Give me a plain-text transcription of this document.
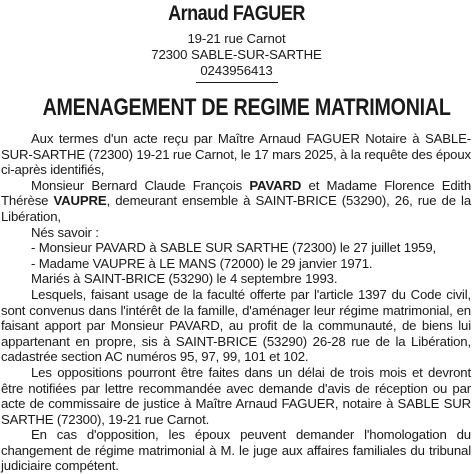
Arnaud FAGUER
19-21 rue Carnot
72300 SABLE-SUR-SARTHE
0243956413
AMENAGEMENT DE REGIME MATRIMONIAL

Aux termes d'un acte reçu par Maître Arnaud FAGUER Notaire à SABLE-SUR-SARTHE (72300) 19-21 rue Carnot, le 17 mars 2025, à la requête des époux ci-après identifiés,

Monsieur Bernard Claude François PAVARD et Madame Florence Edith Thérèse VAUPRE, demeurant ensemble à SAINT-BRICE (53290), 26, rue de la Libération,

Nés savoir :

- Monsieur PAVARD à SABLE SUR SARTHE (72300) le 27 juillet 1959,

- Madame VAUPRE à LE MANS (72000) le 29 janvier 1971.

Mariés à SAINT-BRICE (53290) le 4 septembre 1993.

Lesquels, faisant usage de la faculté offerte par l'article 1397 du Code civil, sont convenus dans l'intérêt de la famille, d'aménager leur régime matrimonial, en faisant apport par Monsieur PAVARD, au profit de la communauté, de biens lui appartenant en propre, sis à SAINT-BRICE (53290) 26-28 rue de la Libération, cadastrée section AC numéros 95, 97, 99, 101 et 102.

Les oppositions pourront être faites dans un délai de trois mois et devront être notifiées par lettre recommandée avec demande d'avis de réception ou par acte de commissaire de justice à Maître Arnaud FAGUER, notaire à SABLE SUR SARTHE (72300), 19-21 rue Carnot.

En cas d'opposition, les époux peuvent demander l'homologation du changement de régime matrimonial à M. le juge aux affaires familiales du tribunal judiciaire compétent.
